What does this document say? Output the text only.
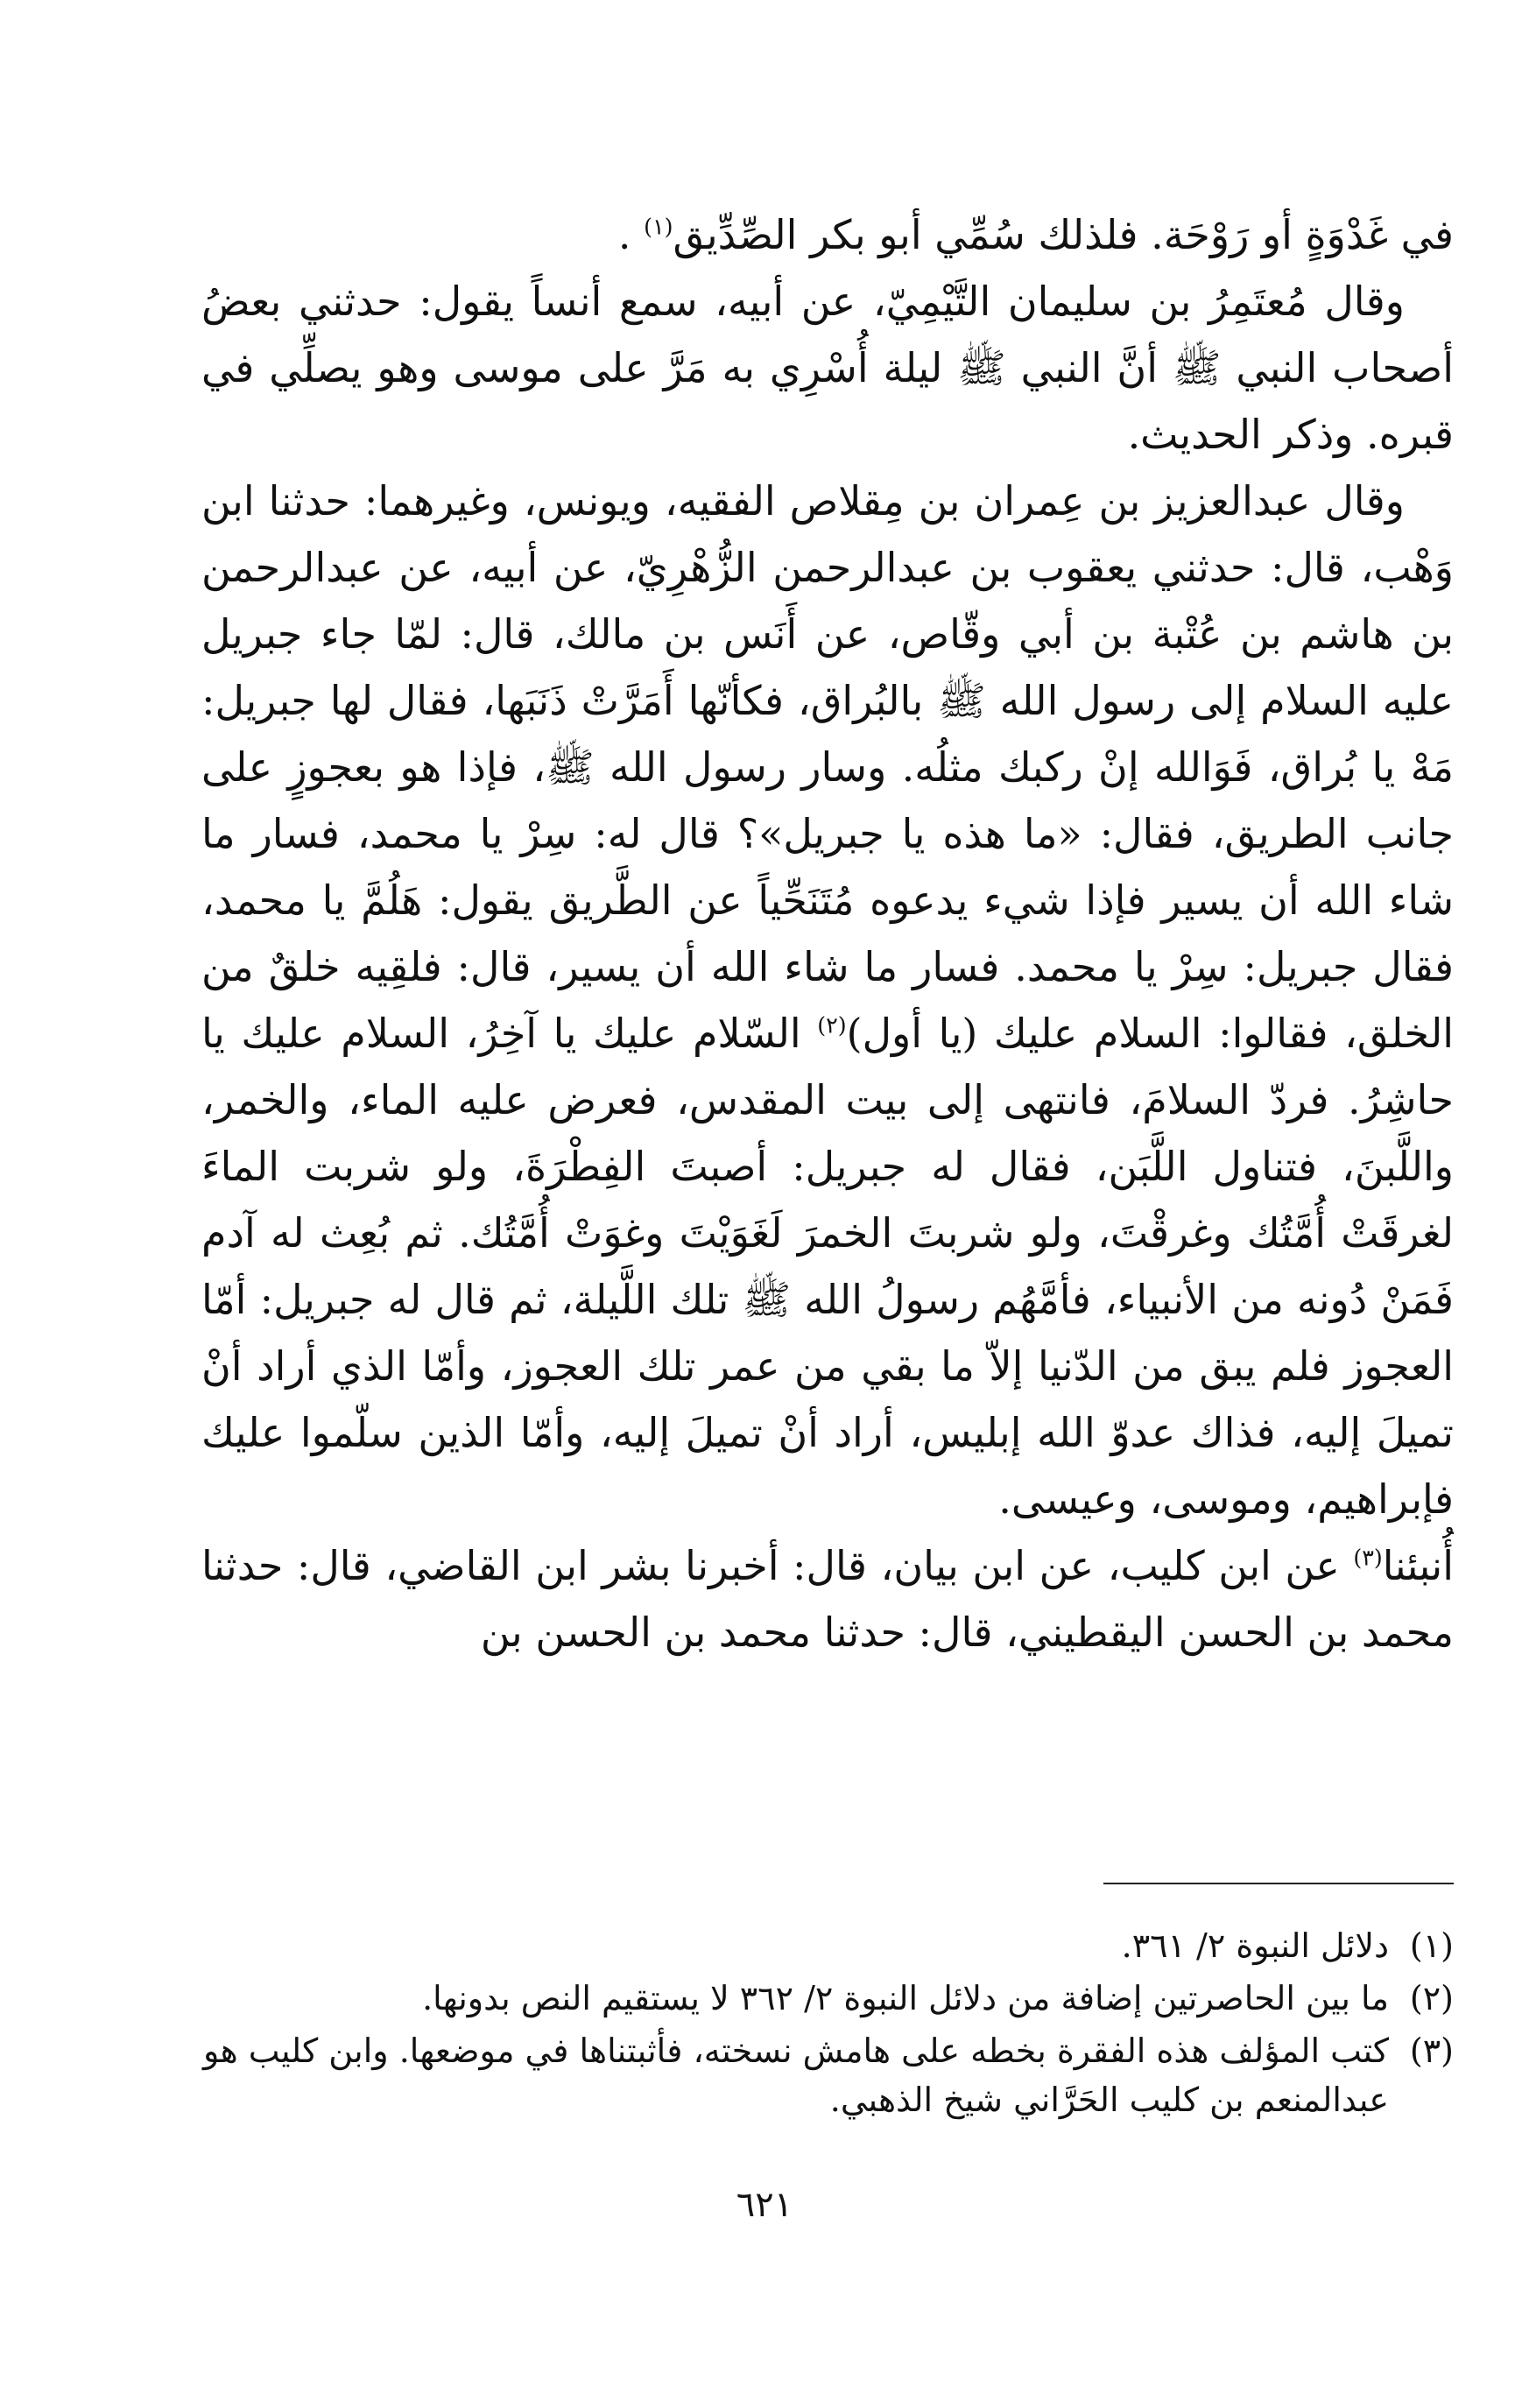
في غَدْوَةٍ أو رَوْحَة. فلذلك سُمِّي أبو بكر الصِّدِّيق$^{(١)}$ .

وقال مُعتَمِرُ بن سليمان التَّيْمِيّ، عن أبيه، سمع أنساً يقول: حدثني بعضُ أصحاب النبي ﷺ أنَّ النبي ﷺ ليلة أُسْرِي به مَرَّ على موسى وهو يصلِّي في قبره. وذكر الحديث.

وقال عبدالعزيز بن عِمران بن مِقلاص الفقيه، ويونس، وغيرهما: حدثنا ابن وَهْب، قال: حدثني يعقوب بن عبدالرحمن الزُّهْرِيّ، عن أبيه، عن عبدالرحمن بن هاشم بن عُتْبة بن أبي وقّاص، عن أَنَس بن مالك، قال: لمّا جاء جبريل عليه السلام إلى رسول الله ﷺ بالبُراق، فكأنّها أَمَرَّتْ ذَنَبَها، فقال لها جبريل: مَهْ يا بُراق، فَوَالله إنْ ركبك مثلُه. وسار رسول الله ﷺ، فإذا هو بعجوزٍ على جانب الطريق، فقال: «ما هذه يا جبريل»؟ قال له: سِرْ يا محمد، فسار ما شاء الله أن يسير فإذا شيء يدعوه مُتَنَحِّياً عن الطَّريق يقول: هَلُمَّ يا محمد، فقال جبريل: سِرْ يا محمد. فسار ما شاء الله أن يسير، قال: فلقِيه خلقٌ من الخلق، فقالوا: السلام عليك (يا أول)$^{(٢)}$ السّلام عليك يا آخِرُ، السلام عليك يا حاشِرُ. فردّ السلامَ، فانتهى إلى بيت المقدس، فعرض عليه الماء، والخمر، واللَّبنَ، فتناول اللَّبَن، فقال له جبريل: أصبتَ الفِطْرَةَ، ولو شربت الماءَ لغرقَتْ أُمَّتُك وغرقْتَ، ولو شربتَ الخمرَ لَغَوَيْتَ وغوَتْ أُمَّتُك. ثم بُعِث له آدم فَمَنْ دُونه من الأنبياء، فأمَّهُم رسولُ الله ﷺ تلك اللَّيلة، ثم قال له جبريل: أمّا العجوز فلم يبق من الدّنيا إلاّ ما بقي من عمر تلك العجوز، وأمّا الذي أراد أنْ تميلَ إليه، فذاك عدوّ الله إبليس، أراد أنْ تميلَ إليه، وأمّا الذين سلّموا عليك فإبراهيم، وموسى، وعيسى.

أُنبئنا$^{(٣)}$ عن ابن كليب، عن ابن بيان، قال: أخبرنا بشر ابن القاضي، قال: حدثنا محمد بن الحسن اليقطيني، قال: حدثنا محمد بن الحسن بن

(١)
دلائل النبوة ٢/ ٣٦١.
(٢)
ما بين الحاصرتين إضافة من دلائل النبوة ٢/ ٣٦٢ لا يستقيم النص بدونها.
(٣)
كتب المؤلف هذه الفقرة بخطه على هامش نسخته، فأثبتناها في موضعها. وابن كليب هو عبدالمنعم بن كليب الحَرَّاني شيخ الذهبي.
٦٢١
